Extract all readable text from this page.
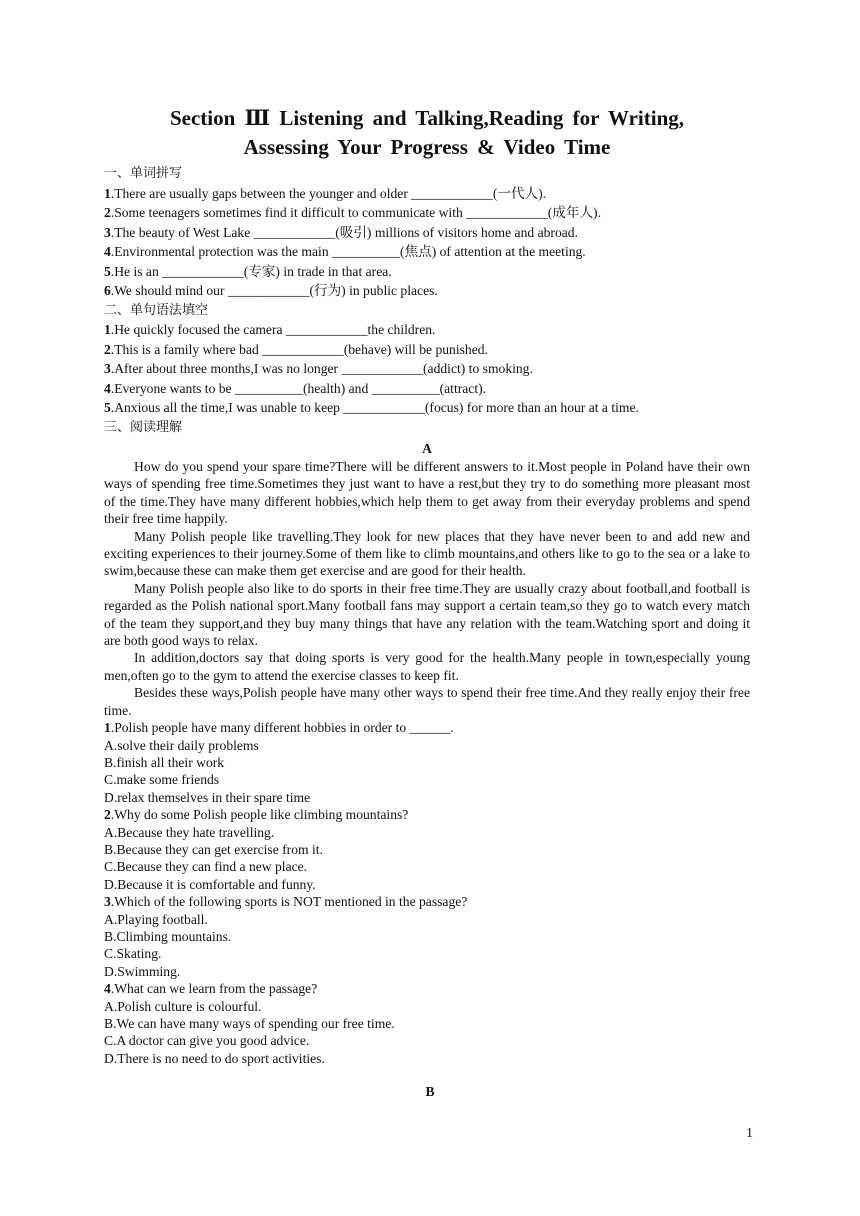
Section Ⅲ Listening and Talking,Reading for Writing,
Assessing Your Progress & Video Time
一、单词拼写
1.There are usually gaps between the younger and older ____________(一代人).
2.Some teenagers sometimes find it difficult to communicate with ____________(成年人).
3.The beauty of West Lake ____________(吸引) millions of visitors home and abroad.
4.Environmental protection was the main __________(焦点) of attention at the meeting.
5.He is an ____________(专家) in trade in that area.
6.We should mind our ____________(行为) in public places.
二、单句语法填空
1.He quickly focused the camera ____________the children.
2.This is a family where bad ____________(behave) will be punished.
3.After about three months,I was no longer ____________(addict) to smoking.
4.Everyone wants to be __________(health) and __________(attract).
5.Anxious all the time,I was unable to keep ____________(focus) for more than an hour at a time.
三、阅读理解
A

How do you spend your spare time?There will be different answers to it.Most people in Poland have their own ways of spending free time.Sometimes they just want to have a rest,but they try to do something more pleasant most of the time.They have many different hobbies,which help them to get away from their everyday problems and spend their free time happily.

Many Polish people like travelling.They look for new places that they have never been to and add new and exciting experiences to their journey.Some of them like to climb mountains,and others like to go to the sea or a lake to swim,because these can make them get exercise and are good for their health.

Many Polish people also like to do sports in their free time.They are usually crazy about football,and football is regarded as the Polish national sport.Many football fans may support a certain team,so they go to watch every match of the team they support,and they buy many things that have any relation with the team.Watching sport and doing it are both good ways to relax.

In addition,doctors say that doing sports is very good for the health.Many people in town,especially young men,often go to the gym to attend the exercise classes to keep fit.

Besides these ways,Polish people have many other ways to spend their free time.And they really enjoy their free time.

1.Polish people have many different hobbies in order to ______.
A.solve their daily problems
B.finish all their work
C.make some friends
D.relax themselves in their spare time
2.Why do some Polish people like climbing mountains?
A.Because they hate travelling.
B.Because they can get exercise from it.
C.Because they can find a new place.
D.Because it is comfortable and funny.
3.Which of the following sports is NOT mentioned in the passage?
A.Playing football.
B.Climbing mountains.
C.Skating.
D.Swimming.
4.What can we learn from the passage?
A.Polish culture is colourful.
B.We can have many ways of spending our free time.
C.A doctor can give you good advice.
D.There is no need to do sport activities.
B
1
